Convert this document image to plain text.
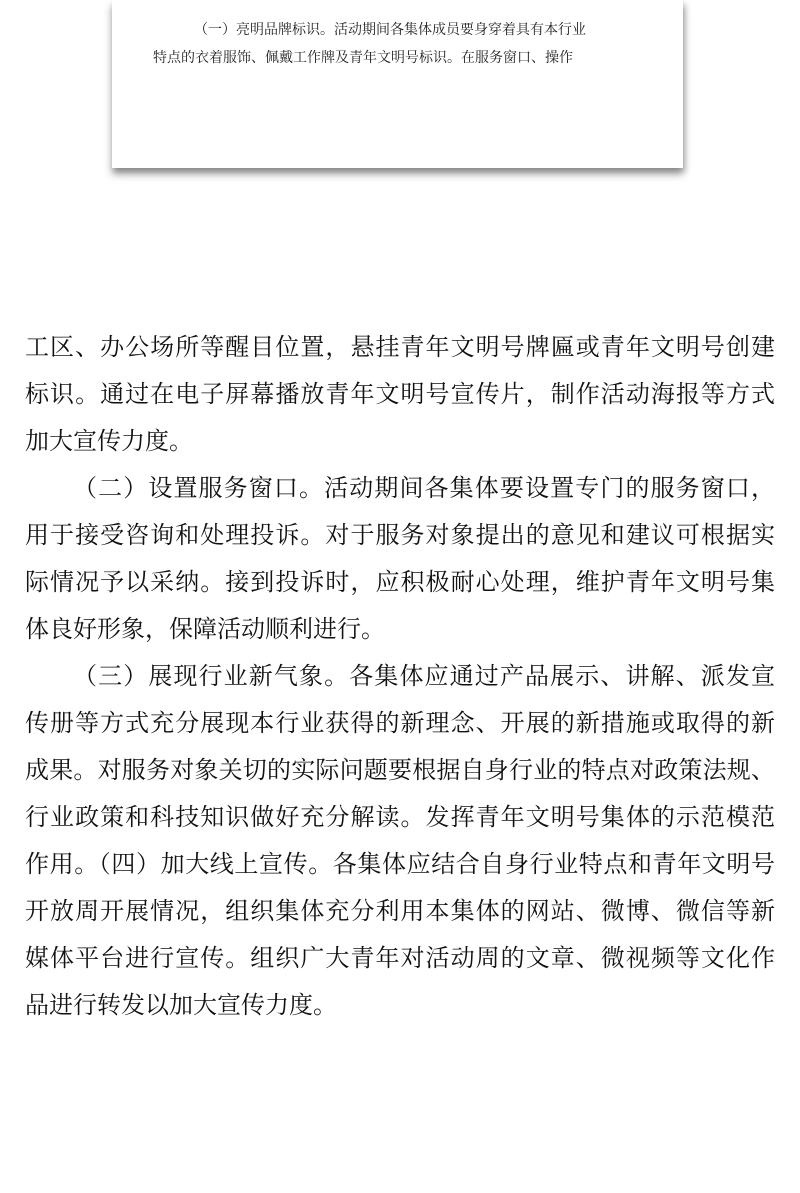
（一）亮明品牌标识。活动期间各集体成员要身穿着具有本行业
特点的衣着服饰、佩戴工作牌及青年文明号标识。在服务窗口、操作
工区、办公场所等醒目位置，悬挂青年文明号牌匾或青年文明号创建
标识。通过在电子屏幕播放青年文明号宣传片，制作活动海报等方式
加大宣传力度。
（二）设置服务窗口。活动期间各集体要设置专门的服务窗口，
用于接受咨询和处理投诉。对于服务对象提出的意见和建议可根据实
际情况予以采纳。接到投诉时，应积极耐心处理，维护青年文明号集
体良好形象，保障活动顺利进行。
（三）展现行业新气象。各集体应通过产品展示、讲解、派发宣
传册等方式充分展现本行业获得的新理念、开展的新措施或取得的新
成果。对服务对象关切的实际问题要根据自身行业的特点对政策法规、
行业政策和科技知识做好充分解读。发挥青年文明号集体的示范模范
作用。（四）加大线上宣传。各集体应结合自身行业特点和青年文明号
开放周开展情况，组织集体充分利用本集体的网站、微博、微信等新
媒体平台进行宣传。组织广大青年对活动周的文章、微视频等文化作
品进行转发以加大宣传力度。
